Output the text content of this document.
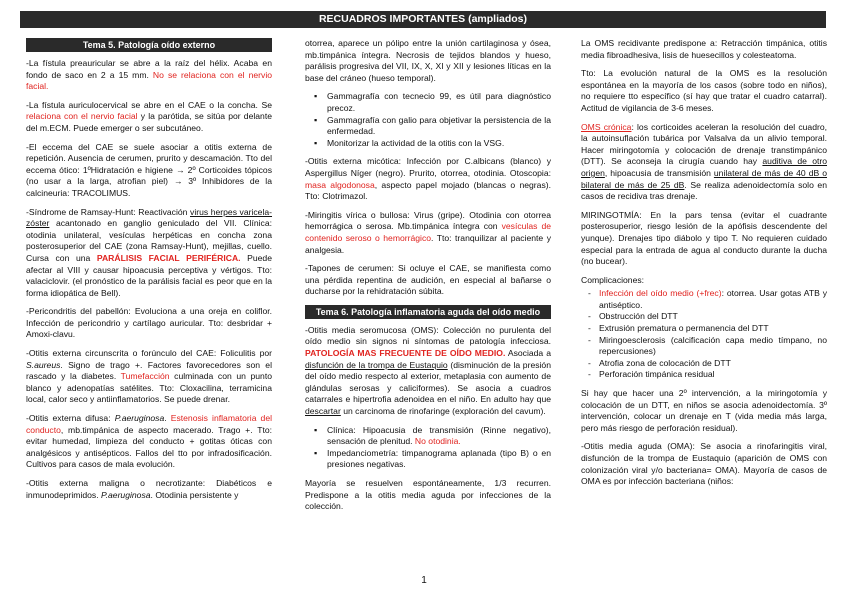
RECUADROS IMPORTANTES (ampliados)
Tema 5. Patología oído externo

-La fístula preauricular se abre a la raíz del hélix. Acaba en fondo de saco en 2 a 15 mm. No se relaciona con el nervio facial.

-La fístula auriculocervical se abre en el CAE o la concha. Se relaciona con el nervio facial y la parótida, se sitúa por delante del m.ECM. Puede emerger o ser subcutáneo.

-El eccema del CAE se suele asociar a otitis externa de repetición. Ausencia de cerumen, prurito y descamación. Tto del eccema ótico: 1ºHidratación e higiene → 2º Corticoides tópicos (no usar a la larga, atrofian piel) → 3º Inhibidores de la calcineuria: TRACOLIMUS.

-Síndrome de Ramsay-Hunt: Reactivación virus herpes varicela-zóster acantonado en ganglio geniculado del VII. Clínica: otodinia unilateral, vesículas herpéticas en concha zona posterosuperior del CAE (zona Ramsay-Hunt), mejillas, cuello. Cursa con una PARÁLISIS FACIAL PERIFÉRICA. Puede afectar al VIII y causar hipoacusia perceptiva y vértigos. Tto: valaciclovir. (el pronóstico de la parálisis facial es peor que en la forma idiopática de Bell).

-Pericondritis del pabellón: Evoluciona a una oreja en coliflor. Infección de pericondrio y cartílago auricular. Tto: desbridar + Amoxi-clavu.

-Otitis externa circunscrita o forúnculo del CAE: Foliculitis por S.aureus. Signo de trago +. Factores favorecedores son el rascado y la diabetes. Tumefacción culminada con un punto blanco y adenopatías satélites. Tto: Cloxacilina, terramicina local, calor seco y antiinflamatorios. Se puede drenar.

-Otitis externa difusa: P.aeruginosa. Estenosis inflamatoria del conducto, mb.timpánica de aspecto macerado. Trago +. Tto: evitar humedad, limpieza del conducto + gotitas óticas con analgésicos y antisépticos. Fallos del tto por infradosificación. Cultivos para casos de mala evolución.

-Otitis externa maligna o necrotizante: Diabéticos e inmunodeprimidos. P.aeruginosa. Otodinia persistente y

otorrea, aparece un pólipo entre la unión cartilaginosa y ósea, mb.timpánica íntegra. Necrosis de tejidos blandos y hueso, parálisis progresiva del VII, IX, X, XI y XII y lesiones líticas en la base del cráneo (hueso temporal).

▪ Gammagrafía con tecnecio 99, es útil para diagnóstico precoz.
▪ Gammagrafía con galio para objetivar la persistencia de la enfermedad.
▪ Monitorizar la actividad de la otitis con la VSG.

-Otitis externa micótica: Infección por C.albicans (blanco) y Aspergillus Níger (negro). Prurito, otorrea, otodinia. Otoscopia: masa algodonosa, aspecto papel mojado (blancas o negras). Tto: Clotrimazol.

-Miringitis vírica o bullosa: Virus (gripe). Otodinia con otorrea hemorrágica o serosa. Mb.timpánica íntegra con vesículas de contenido seroso o hemorrágico. Tto: tranquilizar al paciente y analgesia.

-Tapones de cerumen: Si ocluye el CAE, se manifiesta como una pérdida repentina de audición, en especial al bañarse o ducharse por la rehidratación súbita.

Tema 6. Patología inflamatoria aguda del oído medio

-Otitis media seromucosa (OMS): Colección no purulenta del oído medio sin signos ni síntomas de patología infecciosa. PATOLOGÍA MAS FRECUENTE DE OÍDO MEDIO. Asociada a disfunción de la trompa de Eustaquio (disminución de la presión del oído medio respecto al exterior, metaplasia con aumento de glándulas serosas y caliciformes). Se asocia a cuadros catarrales e hipertrofia adenoidea en el niño. En adulto hay que descartar un carcinoma de rinofaringe (exploración del cavum).

▪ Clínica: Hipoacusia de transmisión (Rinne negativo), sensación de plenitud. No otodinia.
▪ Impedanciometría: timpanograma aplanada (tipo B) o en presiones negativas.

Mayoría se resuelven espontáneamente, 1/3 recurren. Predispone a la otitis media aguda por infecciones de la colección.

La OMS recidivante predispone a: Retracción timpánica, otitis media fibroadhesiva, lisis de huesecillos y colesteatoma.

Tto: La evolución natural de la OMS es la resolución espontánea en la mayoría de los casos (sobre todo en niños), no requiere tto específico (sí hay que tratar el cuadro catarral). Actitud de vigilancia de 3-6 meses.

OMS crónica: los corticoides aceleran la resolución del cuadro, la autoinsuflación tubárica por Valsalva da un alivio temporal. Hacer miringotomía y colocación de drenaje transtimpánico (DTT). Se aconseja la cirugía cuando hay auditiva de otro origen, hipoacusia de transmisión unilateral de más de 40 dB o bilateral de más de 25 dB. Se realiza adenoidectomía solo en casos de recidiva tras drenaje.

MIRINGOTMÍA: En la pars tensa (evitar el cuadrante posterosuperior, riesgo lesión de la apófisis descendente del yunque). Drenajes tipo diábolo y tipo T. No requieren cuidado especial para la entrada de agua al conducto durante la ducha (no bucear).

Complicaciones:
- Infección del oído medio (+frec): otorrea. Usar gotas ATB y antiséptico.
- Obstrucción del DTT
- Extrusión prematura o permanencia del DTT
- Miringoesclerosis (calcificación capa medio tímpano, no repercusiones)
- Atrofia zona de colocación de DTT
- Perforación timpánica residual

Si hay que hacer una 2º intervención, a la miringotomía y colocación de un DTT, en niños se asocia adenoidectomía. 3º intervención, colocar un drenaje en T (vida media más larga, pero más riesgo de perforación residual).

-Otitis media aguda (OMA): Se asocia a rinofaringitis viral, disfunción de la trompa de Eustaquio (aparición de OMS con colonización viral y/o bacteriana= OMA). Mayoría de casos de OMA es por infección bacteriana (niños:

1
